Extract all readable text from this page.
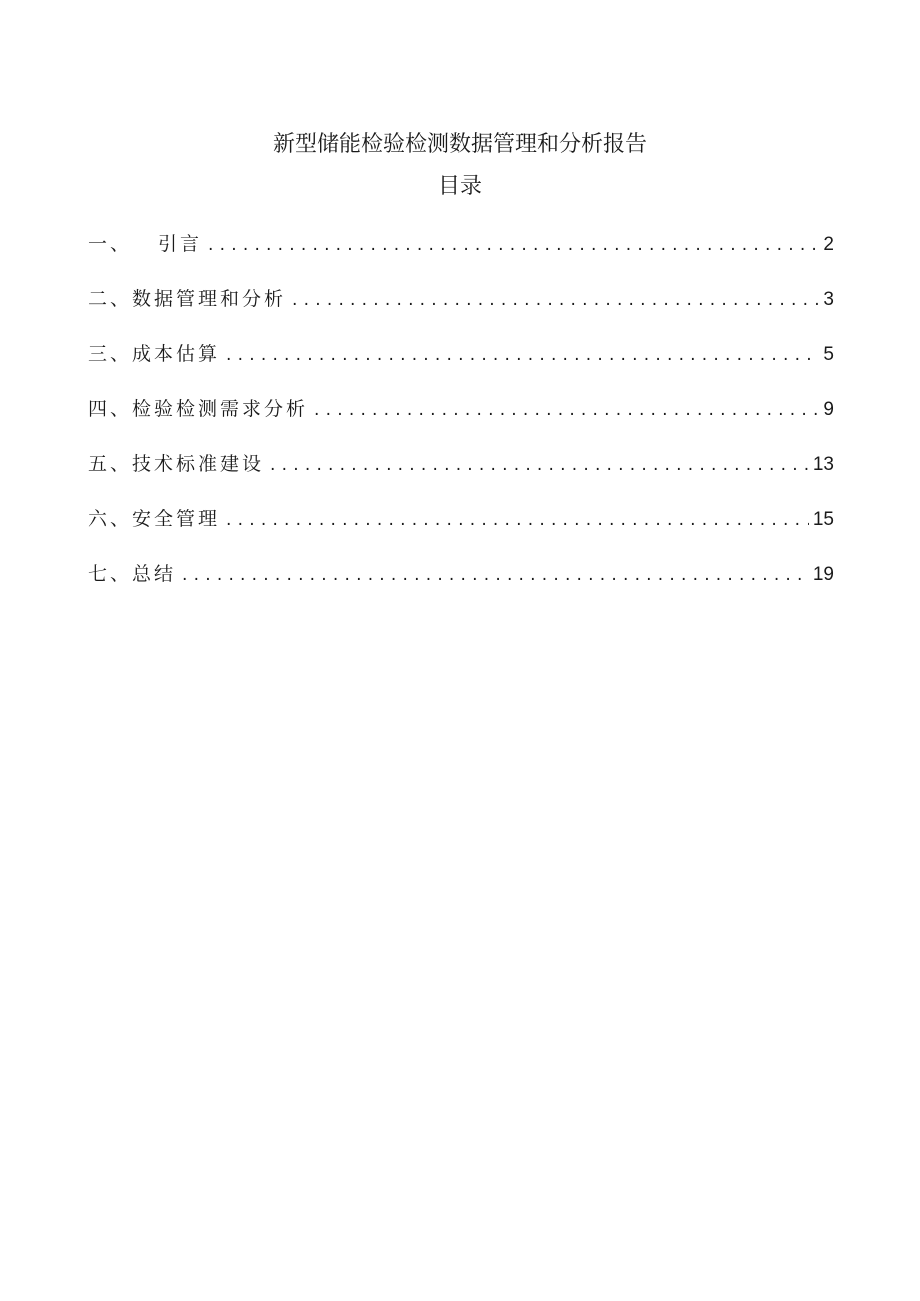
新型储能检验检测数据管理和分析报告
目录
一、 引言 .....	2
二、数据管理和分析 .....	3
三、成本估算 .....	5
四、检验检测需求分析 .....	9
五、技术标准建设 .....	13
六、安全管理 .....	15
七、总结 .....	19
